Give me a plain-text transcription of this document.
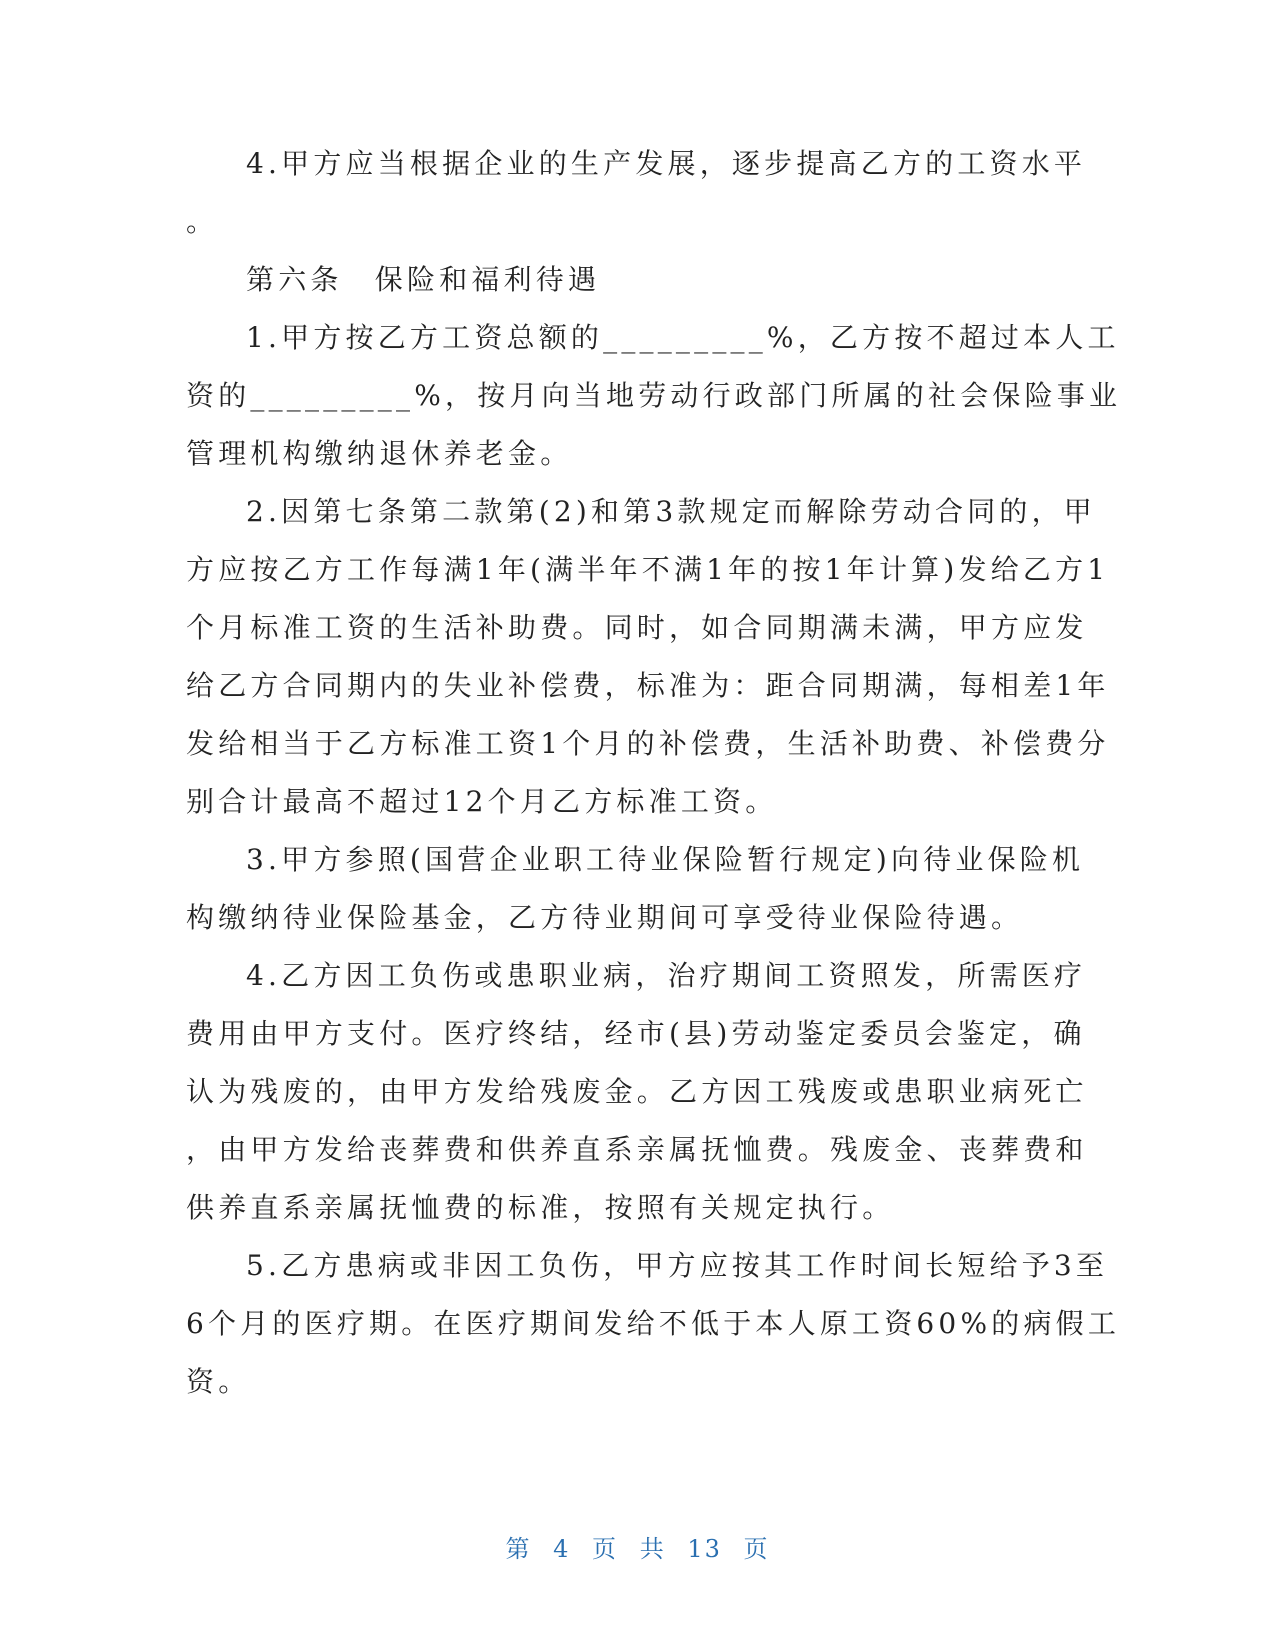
4.甲方应当根据企业的生产发展，逐步提高乙方的工资水平
。
第六条　保险和福利待遇
1.甲方按乙方工资总额的_________%，乙方按不超过本人工
资的_________%，按月向当地劳动行政部门所属的社会保险事业
管理机构缴纳退休养老金。
2.因第七条第二款第(2)和第3款规定而解除劳动合同的，甲
方应按乙方工作每满1年(满半年不满1年的按1年计算)发给乙方1
个月标准工资的生活补助费。同时，如合同期满未满，甲方应发
给乙方合同期内的失业补偿费，标准为：距合同期满，每相差1年
发给相当于乙方标准工资1个月的补偿费，生活补助费、补偿费分
别合计最高不超过12个月乙方标准工资。
3.甲方参照(国营企业职工待业保险暂行规定)向待业保险机
构缴纳待业保险基金，乙方待业期间可享受待业保险待遇。
4.乙方因工负伤或患职业病，治疗期间工资照发，所需医疗
费用由甲方支付。医疗终结，经市(县)劳动鉴定委员会鉴定，确
认为残废的，由甲方发给残废金。乙方因工残废或患职业病死亡
，由甲方发给丧葬费和供养直系亲属抚恤费。残废金、丧葬费和
供养直系亲属抚恤费的标准，按照有关规定执行。
5.乙方患病或非因工负伤，甲方应按其工作时间长短给予3至
6个月的医疗期。在医疗期间发给不低于本人原工资60%的病假工
资。
第 4 页 共 13 页
